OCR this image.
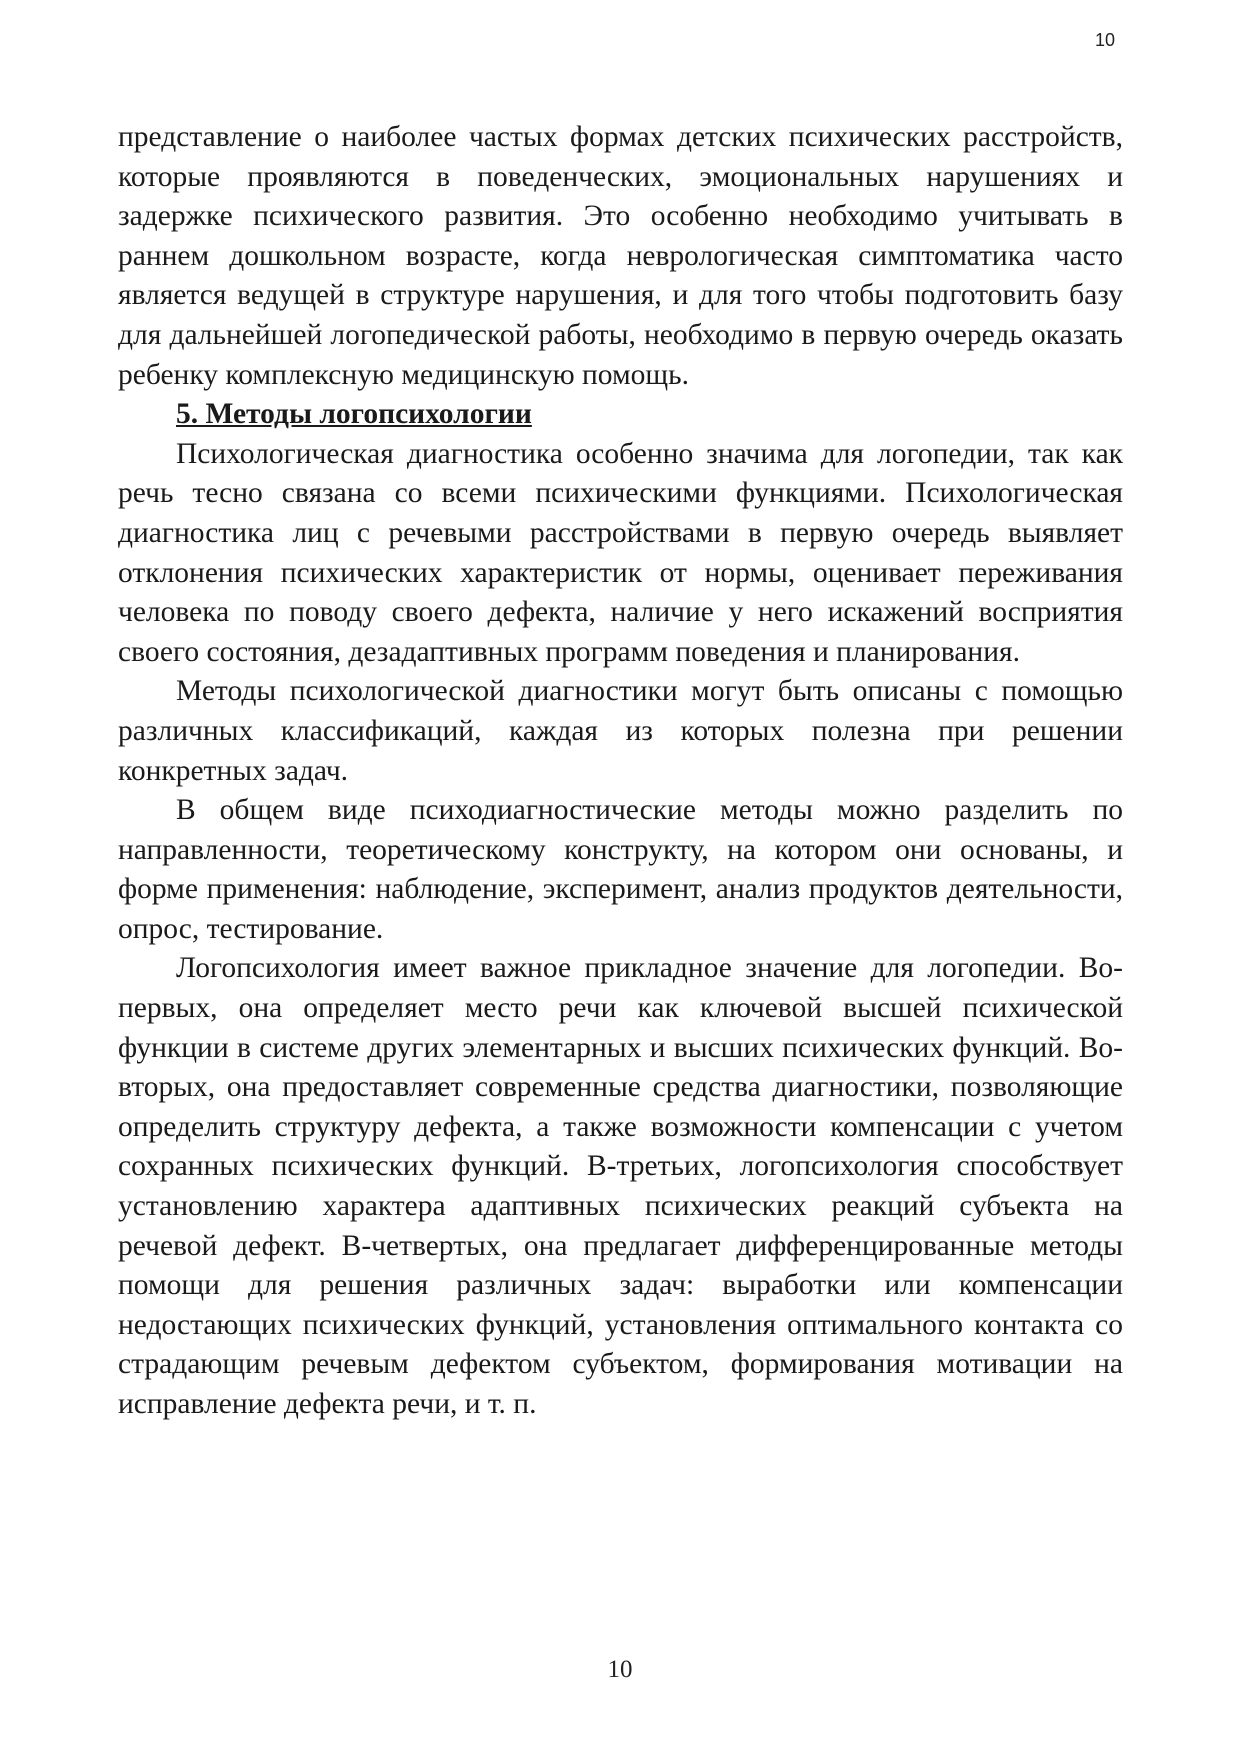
10

представление о наиболее частых формах детских психических расстройств, которые проявляются в поведенческих, эмоциональных нарушениях и задержке психического развития. Это особенно необходимо учитывать в раннем дошкольном возрасте, когда неврологическая симптоматика часто является ведущей в структуре нарушения, и для того чтобы подготовить базу для дальнейшей логопедической работы, необходимо в первую очередь оказать ребенку комплексную медицинскую помощь.

5. Методы логопсихологии

Психологическая диагностика особенно значима для логопедии, так как речь тесно связана со всеми психическими функциями. Психологическая диагностика лиц с речевыми расстройствами в первую очередь выявляет отклонения психических характеристик от нормы, оценивает переживания человека по поводу своего дефекта, наличие у него искажений восприятия своего состояния, дезадаптивных программ поведения и планирования.

Методы психологической диагностики могут быть описаны с помощью различных классификаций, каждая из которых полезна при решении конкретных задач.

В общем виде психодиагностические методы можно разделить по направленности, теоретическому конструкту, на котором они основаны, и форме применения: наблюдение, эксперимент, анализ продуктов деятельности, опрос, тестирование.

Логопсихология имеет важное прикладное значение для логопедии. Во-первых, она определяет место речи как ключевой высшей психической функции в системе других элементарных и высших психических функций. Во-вторых, она предоставляет современные средства диагностики, позволяющие определить структуру дефекта, а также возможности компенсации с учетом сохранных психических функций. В-третьих, логопсихология способствует установлению характера адаптивных психических реакций субъекта на речевой дефект. В-четвертых, она предлагает дифференцированные методы помощи для решения различных задач: выработки или компенсации недостающих психических функций, установления оптимального контакта со страдающим речевым дефектом субъектом, формирования мотивации на исправление дефекта речи, и т. п.

10
